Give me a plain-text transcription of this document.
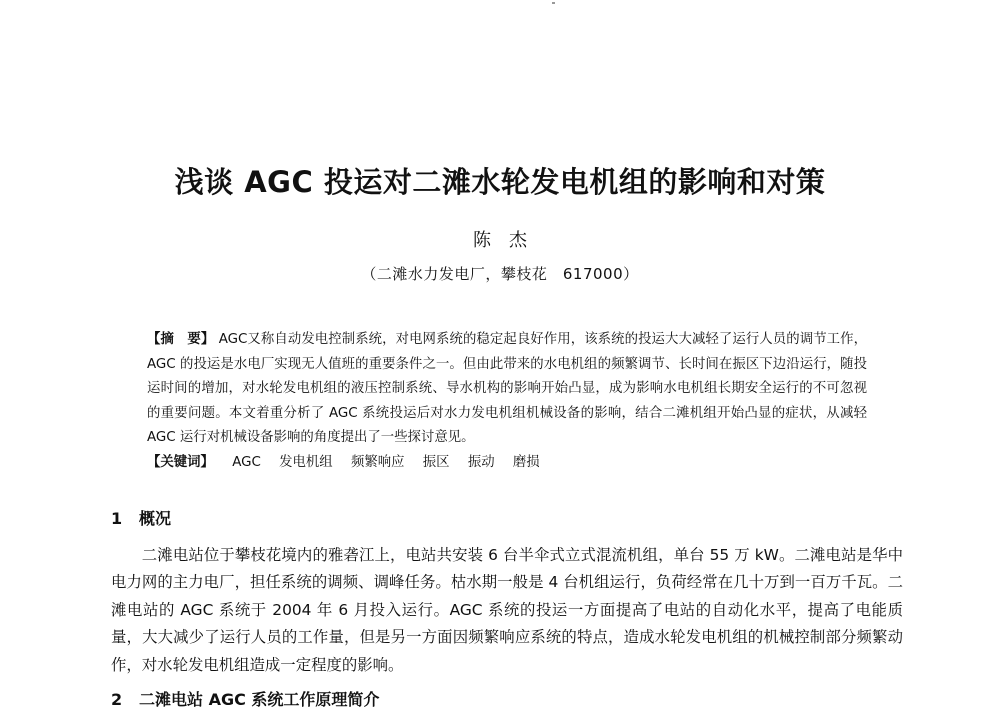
浅谈 AGC 投运对二滩水轮发电机组的影响和对策
陈杰
（二滩水力发电厂，攀枝花　617000）
【摘　要】 AGC又称自动发电控制系统，对电网系统的稳定起良好作用，该系统的投运大大减轻了运行人员的调节工作，AGC 的投运是水电厂实现无人值班的重要条件之一。但由此带来的水电机组的频繁调节、长时间在振区下边沿运行，随投运时间的增加，对水轮发电机组的液压控制系统、导水机构的影响开始凸显，成为影响水电机组长期安全运行的不可忽视的重要问题。本文着重分析了 AGC 系统投运后对水力发电机组机械设备的影响，结合二滩机组开始凸显的症状，从减轻 AGC 运行对机械设备影响的角度提出了一些探讨意见。
【关键词】 AGC 发电机组 频繁响应 振区 振动 磨损
1 概况
二滩电站位于攀枝花境内的雅砻江上，电站共安装 6 台半伞式立式混流机组，单台 55 万 kW。二滩电站是华中电力网的主力电厂，担任系统的调频、调峰任务。枯水期一般是 4 台机组运行，负荷经常在几十万到一百万千瓦。二滩电站的 AGC 系统于 2004 年 6 月投入运行。AGC 系统的投运一方面提高了电站的自动化水平，提高了电能质量，大大减少了运行人员的工作量，但是另一方面因频繁响应系统的特点，造成水轮发电机组的机械控制部分频繁动作，对水轮发电机组造成一定程度的影响。
2 二滩电站 AGC 系统工作原理简介
